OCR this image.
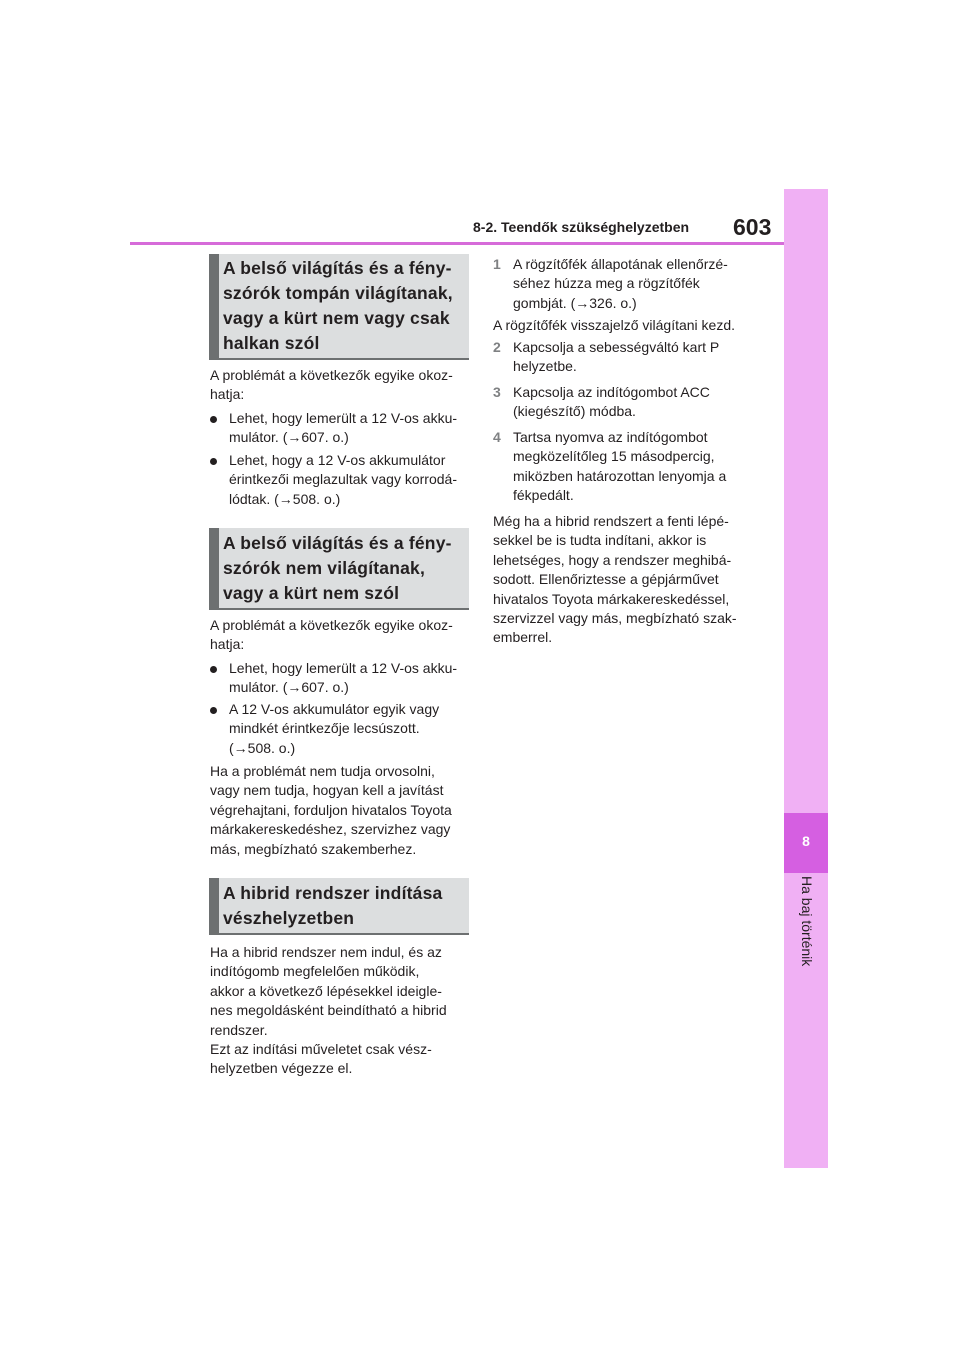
8-2. Teendők szükséghelyzetben 603
8
Ha baj történik
A belső világítás és a fény-
szórók tompán világítanak,
vagy a kürt nem vagy csak
halkan szól
A problémát a következők egyike okoz-
hatja:
Lehet, hogy lemerült a 12 V-os akku-
mulátor. (→607. o.)
Lehet, hogy a 12 V-os akkumulátor
érintkezői meglazultak vagy korrodá-
lódtak. (→508. o.)
A belső világítás és a fény-
szórók nem világítanak,
vagy a kürt nem szól
A problémát a következők egyike okoz-
hatja:
Lehet, hogy lemerült a 12 V-os akku-
mulátor. (→607. o.)
A 12 V-os akkumulátor egyik vagy
mindkét érintkezője lecsúszott.
(→508. o.)
Ha a problémát nem tudja orvosolni,
vagy nem tudja, hogyan kell a javítást
végrehajtani, forduljon hivatalos Toyota
márkakereskedéshez, szervizhez vagy
más, megbízható szakemberhez.
A hibrid rendszer indítása
vészhelyzetben
Ha a hibrid rendszer nem indul, és az
indítógomb megfelelően működik,
akkor a következő lépésekkel ideigle-
nes megoldásként beindítható a hibrid
rendszer.
Ezt az indítási műveletet csak vész-
helyzetben végezze el.
1 A rögzítőfék állapotának ellenőrzé-
séhez húzza meg a rögzítőfék
gombját. (→326. o.)
A rögzítőfék visszajelző világítani kezd.
2 Kapcsolja a sebességváltó kart P
helyzetbe.
3 Kapcsolja az indítógombot ACC
(kiegészítő) módba.
4 Tartsa nyomva az indítógombot
megközelítőleg 15 másodpercig,
miközben határozottan lenyomja a
fékpedált.
Még ha a hibrid rendszert a fenti lépé-
sekkel be is tudta indítani, akkor is
lehetséges, hogy a rendszer meghibá-
sodott. Ellenőriztesse a gépjárművet
hivatalos Toyota márkakereskedéssel,
szervizzel vagy más, megbízható szak-
emberrel.
